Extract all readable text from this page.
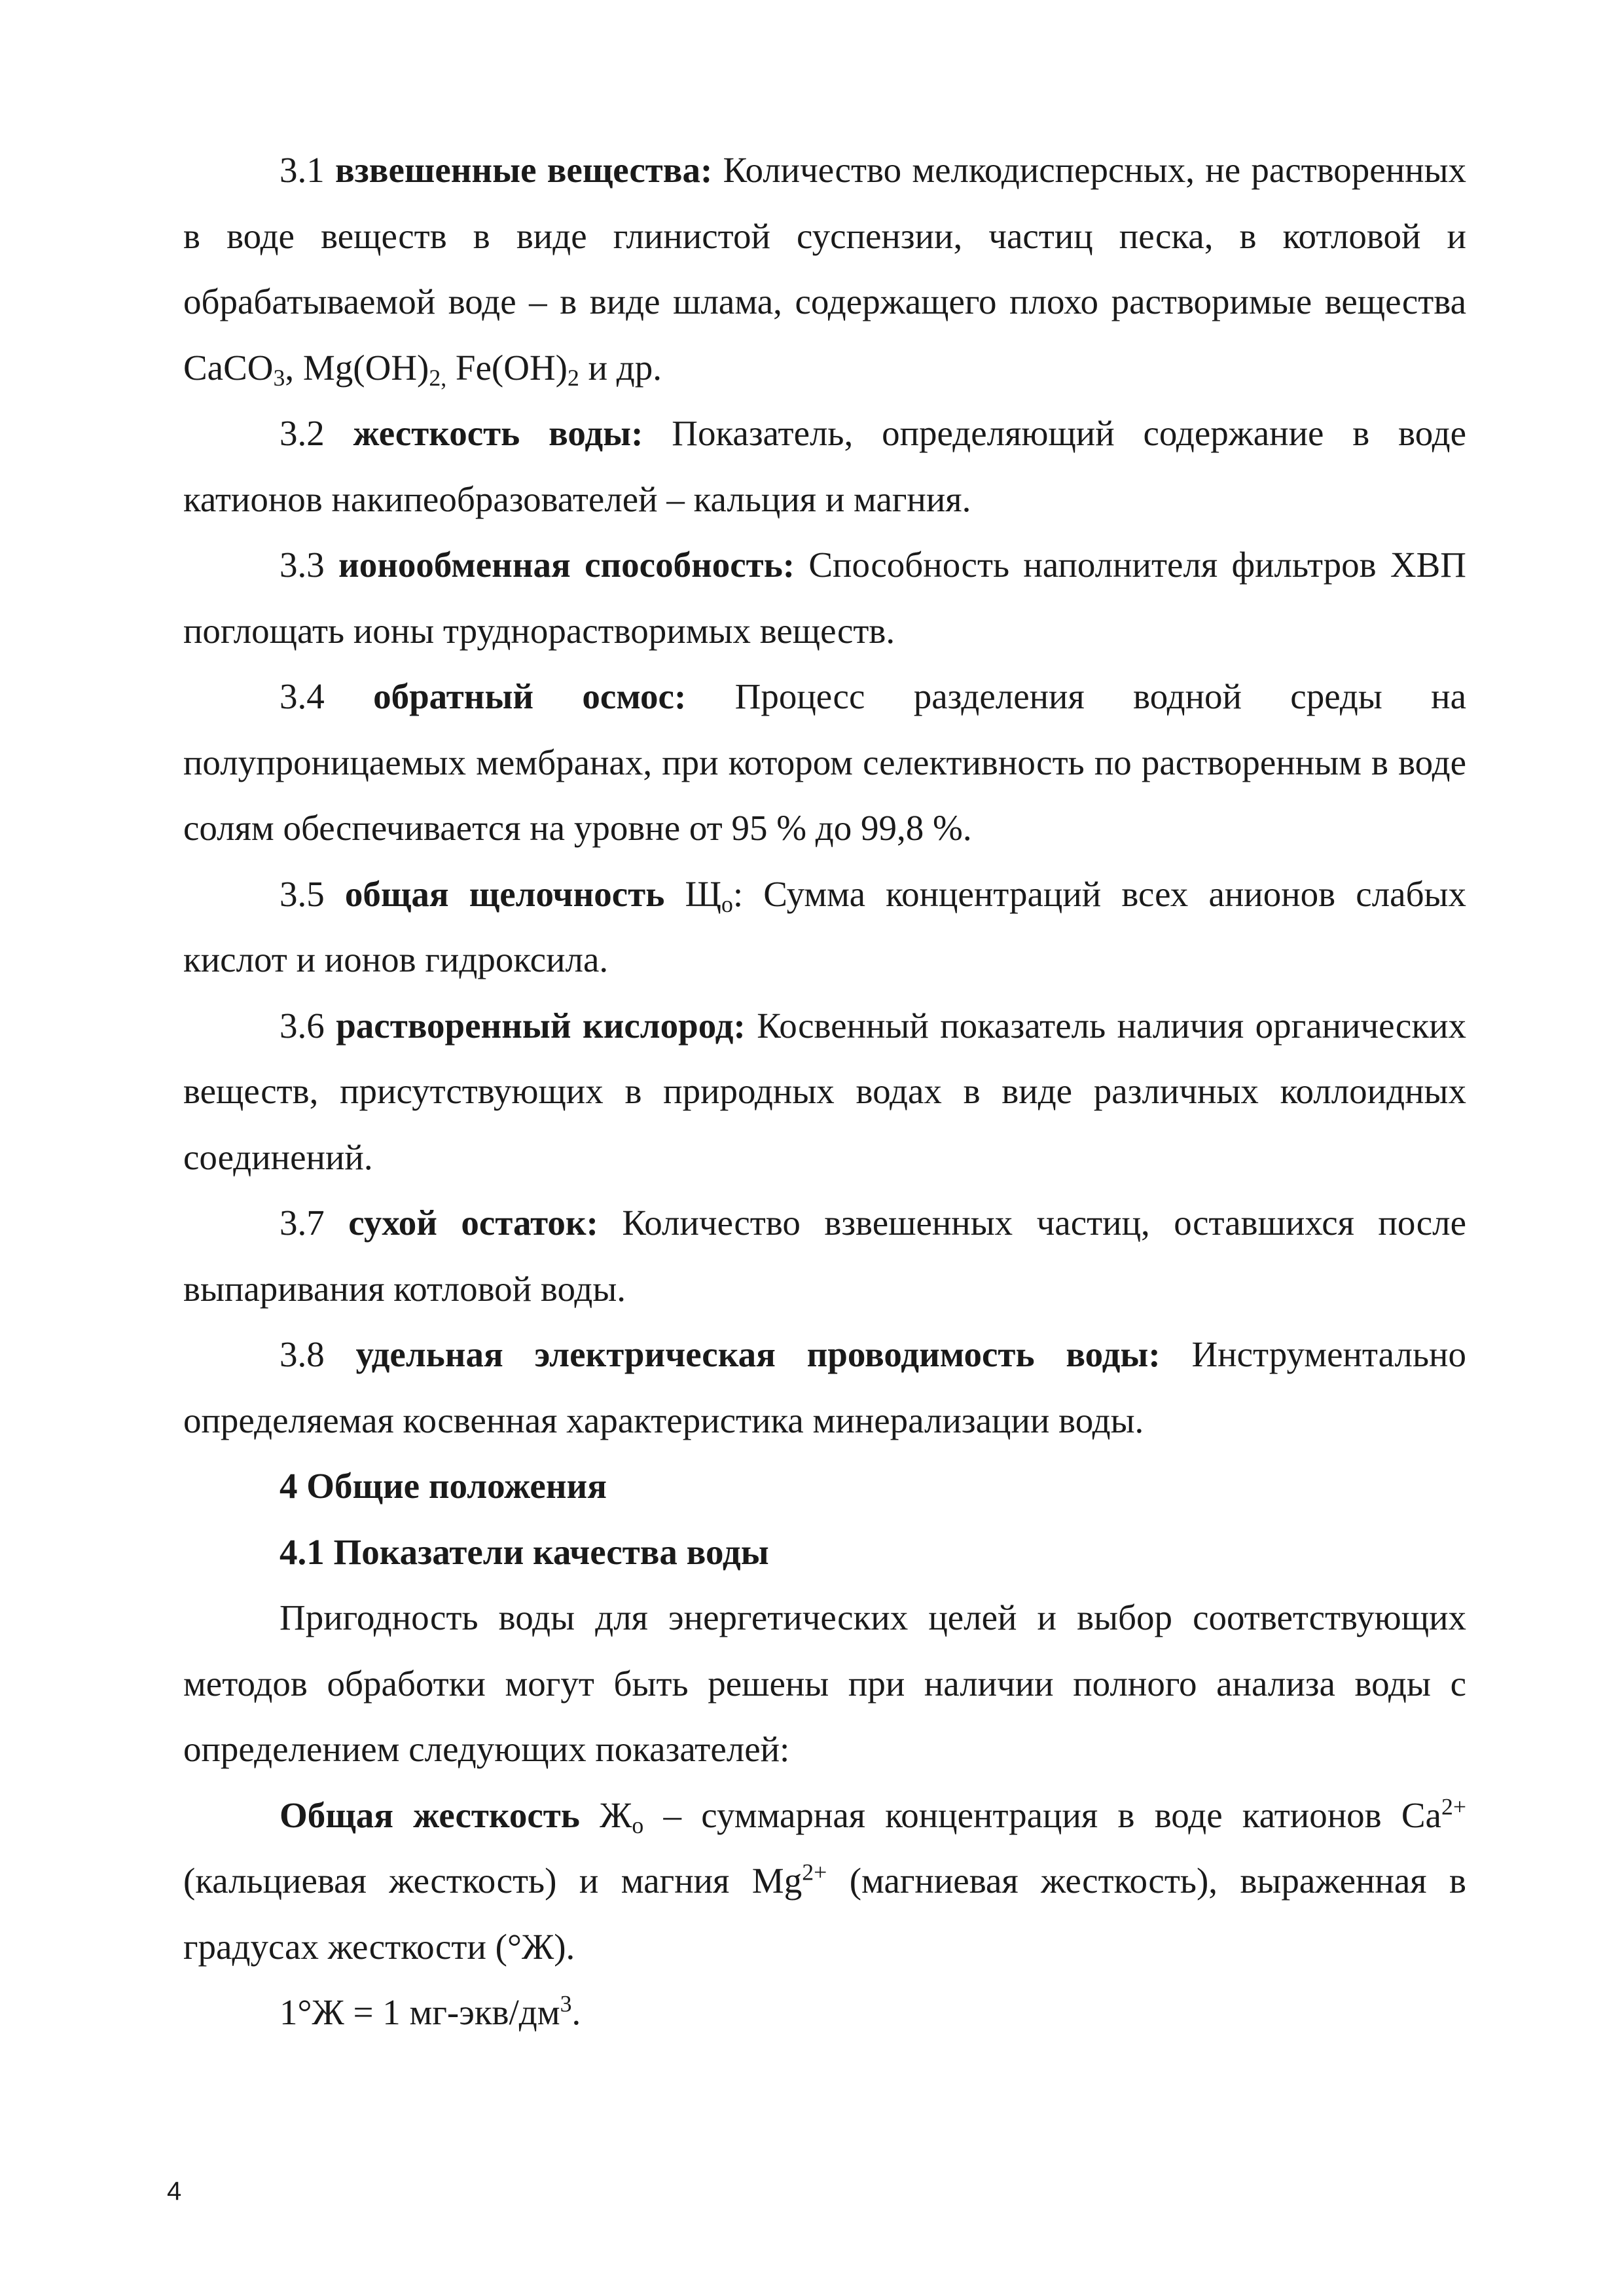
3.1 взвешенные вещества: Количество мелкодисперсных, не растворенных в воде веществ в виде глинистой суспензии, частиц песка, в котловой и обрабатываемой воде – в виде шлама, содержащего плохо растворимые вещества CaCO$_3$, $Mg(OH)_{2,}$ $Fe(OH)_2$ и др.

3.2 жесткость воды: Показатель, определяющий содержание в воде катионов накипеобразователей – кальция и магния.

3.3 ионообменная способность: Способность наполнителя фильтров ХВП поглощать ионы труднорастворимых веществ.

3.4 обратный осмос: Процесс разделения водной среды на полупроницаемых мембранах, при котором селективность по растворенным в воде солям обеспечивается на уровне от 95 % до 99,8 %.

3.5 общая щелочность $Щ_о$: Сумма концентраций всех анионов слабых кислот и ионов гидроксила.

3.6 растворенный кислород: Косвенный показатель наличия органических веществ, присутствующих в природных водах в виде различных коллоидных соединений.

3.7 сухой остаток: Количество взвешенных частиц, оставшихся после выпаривания котловой воды.

3.8 удельная электрическая проводимость воды: Инструментально определяемая косвенная характеристика минерализации воды.

4 Общие положения

4.1 Показатели качества воды

Пригодность воды для энергетических целей и выбор соответствующих методов обработки могут быть решены при наличии полного анализа воды с определением следующих показателей:

Общая жесткость $Ж_о$ – суммарная концентрация в воде катионов $Ca^{2+}$ (кальциевая жесткость) и магния $Mg^{2+}$ (магниевая жесткость), выраженная в градусах жесткости (°Ж).

1°Ж = 1 $мг-экв/дм^3$.

4
